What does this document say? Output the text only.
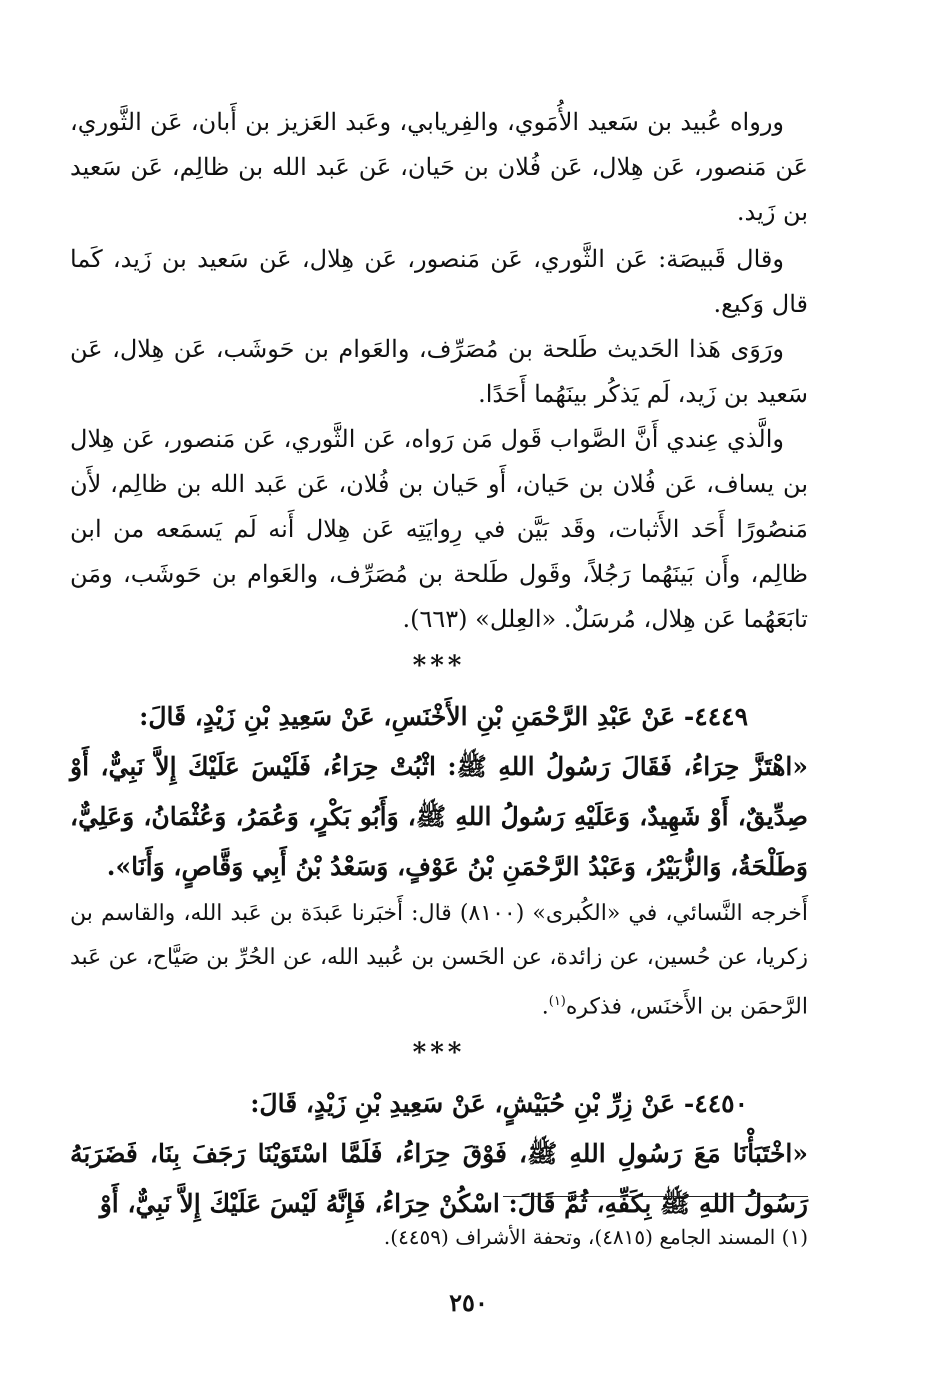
ورواه عُبيد بن سَعيد الأُمَوي، والفِريابي، وعَبد العَزيز بن أَبان، عَن الثَّوري، عَن مَنصور، عَن هِلال، عَن فُلان بن حَيان، عَن عَبد الله بن ظالِم، عَن سَعيد بن زَيد.

وقال قَبيصَة: عَن الثَّوري، عَن مَنصور، عَن هِلال، عَن سَعيد بن زَيد، كَما قال وَكيع.

ورَوَى هَذا الحَديث طَلحة بن مُصَرِّف، والعَوام بن حَوشَب، عَن هِلال، عَن سَعيد بن زَيد، لَم يَذكُر بينَهُما أَحَدًا.

والَّذي عِندي أَنَّ الصَّواب قَول مَن رَواه، عَن الثَّوري، عَن مَنصور، عَن هِلال بن يساف، عَن فُلان بن حَيان، أَو حَيان بن فُلان، عَن عَبد الله بن ظالِم، لأَن مَنصُورًا أَحَد الأَثبات، وقَد بَيَّن في رِوايَتِه عَن هِلال أَنه لَم يَسمَعه من ابن ظالِم، وأَن بَينَهُما رَجُلاً، وقَول طَلحة بن مُصَرِّف، والعَوام بن حَوشَب، ومَن تابَعَهُما عَن هِلال، مُرسَلٌ. «العِلل» (٦٦٣).

***

٤٤٤٩- عَنْ عَبْدِ الرَّحْمَنِ بْنِ الأَخْنَسِ، عَنْ سَعِيدِ بْنِ زَيْدٍ، قَالَ:

«اهْتَزَّ حِرَاءُ، فَقَالَ رَسُولُ اللهِ ﷺ: اثْبُتْ حِرَاءُ، فَلَيْسَ عَلَيْكَ إِلاَّ نَبِيٌّ، أَوْ صِدِّيقٌ، أَوْ شَهِيدٌ، وَعَلَيْهِ رَسُولُ اللهِ ﷺ، وَأَبُو بَكْرٍ، وَعُمَرُ، وَعُثْمَانُ، وَعَلِيٌّ، وَطَلْحَةُ، وَالزُّبَيْرُ، وَعَبْدُ الرَّحْمَنِ بْنُ عَوْفٍ، وَسَعْدُ بْنُ أَبِي وَقَّاصٍ، وَأَنَا».

أَخرجه النَّسائي، في «الكُبرى» (٨١٠٠) قال: أَخبَرنا عَبدَة بن عَبد الله، والقاسم بن زكريا، عن حُسين، عن زائدة، عن الحَسن بن عُبيد الله، عن الحُرِّ بن صَيَّاح، عن عَبد الرَّحمَن بن الأَخنَس، فذكره$^{(١)}$.

***

٤٤٥٠- عَنْ زِرِّ بْنِ حُبَيْشٍ، عَنْ سَعِيدِ بْنِ زَيْدٍ، قَالَ:

«اخْتَبَأْنَا مَعَ رَسُولِ اللهِ ﷺ، فَوْقَ حِرَاءُ، فَلَمَّا اسْتَوَيْنَا رَجَفَ بِنَا، فَضَرَبَهُ رَسُولُ اللهِ ﷺ بِكَفِّهِ، ثُمَّ قَالَ: اسْكُنْ حِرَاءُ، فَإِنَّهُ لَيْسَ عَلَيْكَ إِلاَّ نَبِيٌّ، أَوْ

(١) المسند الجامع (٤٨١٥)، وتحفة الأشراف (٤٤٥٩).

٢٥٠
